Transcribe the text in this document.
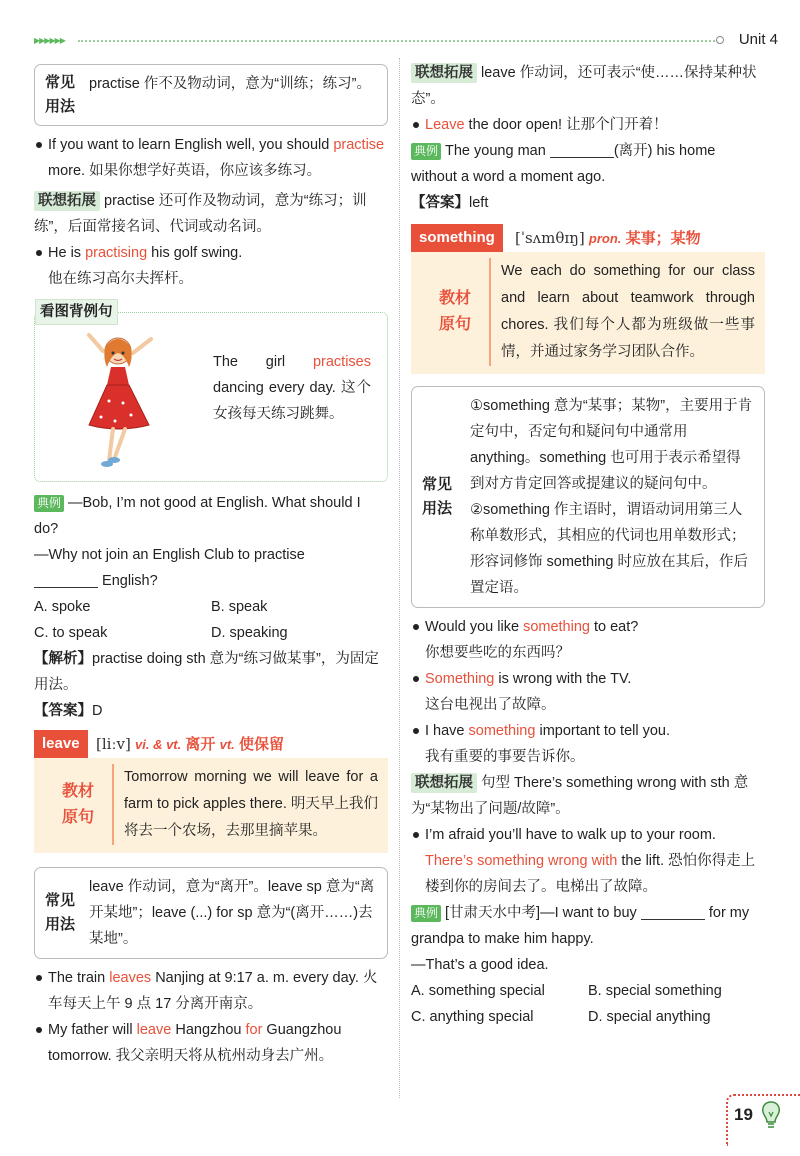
▶▶▶▶▶▶	Unit 4
常见用法
practise 作不及物动词，意为“训练；练习”。

If you want to learn English well, you should practise more. 如果你想学好英语，你应该多练习。

联想拓展 practise 还可作及物动词，意为“练习；训练”，后面常接名词、代词或动名词。

He is practising his golf swing.

他在练习高尔夫挥杆。

看图背例句

The girl practises dancing every day. 这个女孩每天练习跳舞。

典例 —Bob, I’m not good at English. What should I do?

—Why not join an English Club to practise

English?

A. spoke	B. speak
C. to speak	D. speaking

【解析】practise doing sth 意为“练习做某事”，为固定用法。

【答案】D

leave	[liːv] vi. & vt. 离开 vt. 使保留
教材
原句
Tomorrow morning we will leave for a farm to pick apples there. 明天早上我们将去一个农场，去那里摘苹果。
常见用法
leave 作动词，意为“离开”。leave sp 意为“离开某地”；leave (...) for sp 意为“(离开……)去某地”。

The train leaves Nanjing at 9:17 a. m. every day. 火车每天上午 9 点 17 分离开南京。

My father will leave Hangzhou for Guangzhou tomorrow. 我父亲明天将从杭州动身去广州。

联想拓展 leave 作动词，还可表示“使……保持某种状态”。

Leave the door open! 让那个门开着！

典例 The young man	(离开) his home without a word a moment ago.

【答案】left

something	[ˈsʌmθɪŋ] pron. 某事；某物
教材
原句
We each do something for our class and learn about teamwork through chores. 我们每个人都为班级做一些事情，并通过家务学习团队合作。
常见用法

①something 意为“某事；某物”，主要用于肯定句中，否定句和疑问句中通常用 anything。something 也可用于表示希望得到对方肯定回答或提建议的疑问句中。

②something 作主语时，谓语动词用第三人称单数形式，其相应的代词也用单数形式；形容词修饰 something 时应放在其后，作后置定语。

Would you like something to eat?

你想要些吃的东西吗？

Something is wrong with the TV.

这台电视出了故障。

I have something important to tell you.

我有重要的事要告诉你。

联想拓展 句型 There’s something wrong with sth 意为“某物出了问题/故障”。

I’m afraid you’ll have to walk up to your room. There’s something wrong with the lift. 恐怕你得走上楼到你的房间去了。电梯出了故障。

典例 [甘肃天水中考]—I want to buy	for my grandpa to make him happy.

—That’s a good idea.

A. something special	B. special something
C. anything special	D. special anything
19
